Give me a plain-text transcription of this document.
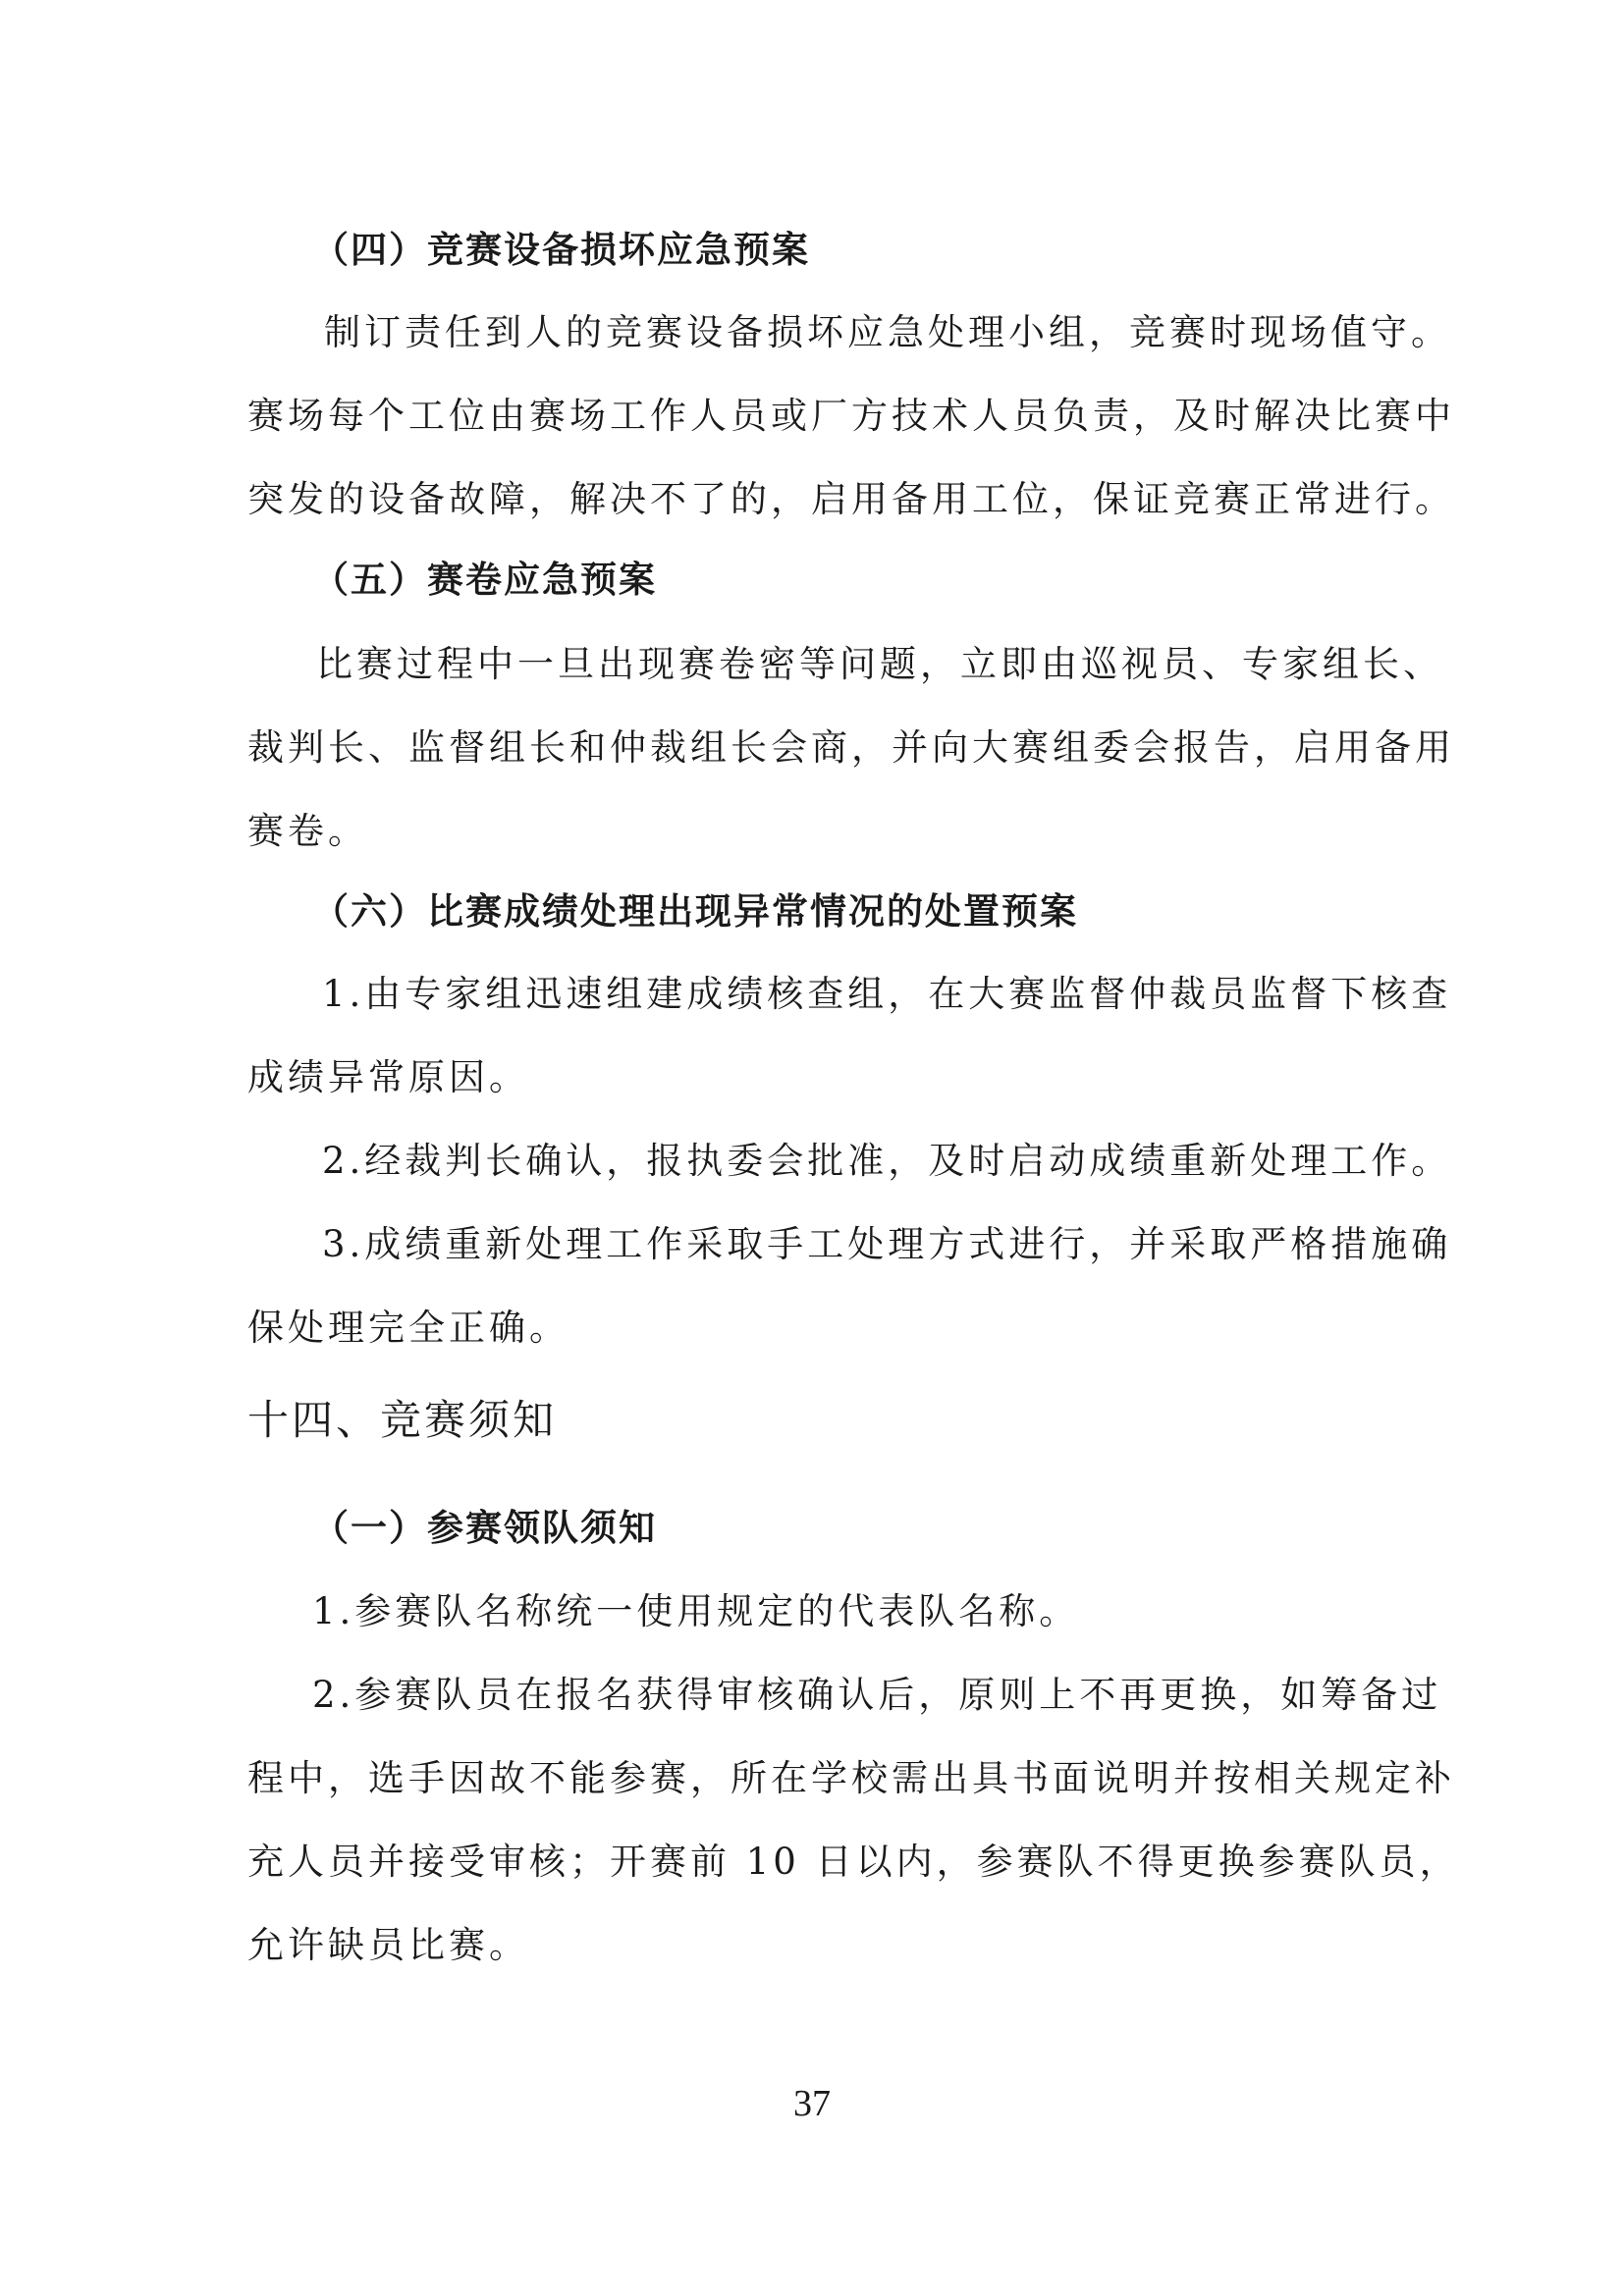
（四）竞赛设备损坏应急预案
制订责任到人的竞赛设备损坏应急处理小组，竞赛时现场值守。
赛场每个工位由赛场工作人员或厂方技术人员负责，及时解决比赛中
突发的设备故障，解决不了的，启用备用工位，保证竞赛正常进行。
（五）赛卷应急预案
比赛过程中一旦出现赛卷密等问题，立即由巡视员、专家组长、
裁判长、监督组长和仲裁组长会商，并向大赛组委会报告，启用备用
赛卷。
（六）比赛成绩处理出现异常情况的处置预案
1.由专家组迅速组建成绩核查组，在大赛监督仲裁员监督下核查
成绩异常原因。
2.经裁判长确认，报执委会批准，及时启动成绩重新处理工作。
3.成绩重新处理工作采取手工处理方式进行，并采取严格措施确
保处理完全正确。
十四、竞赛须知
（一）参赛领队须知
1.参赛队名称统一使用规定的代表队名称。
2.参赛队员在报名获得审核确认后，原则上不再更换，如筹备过
程中，选手因故不能参赛，所在学校需出具书面说明并按相关规定补
充人员并接受审核；开赛前 10 日以内，参赛队不得更换参赛队员，
允许缺员比赛。
37
